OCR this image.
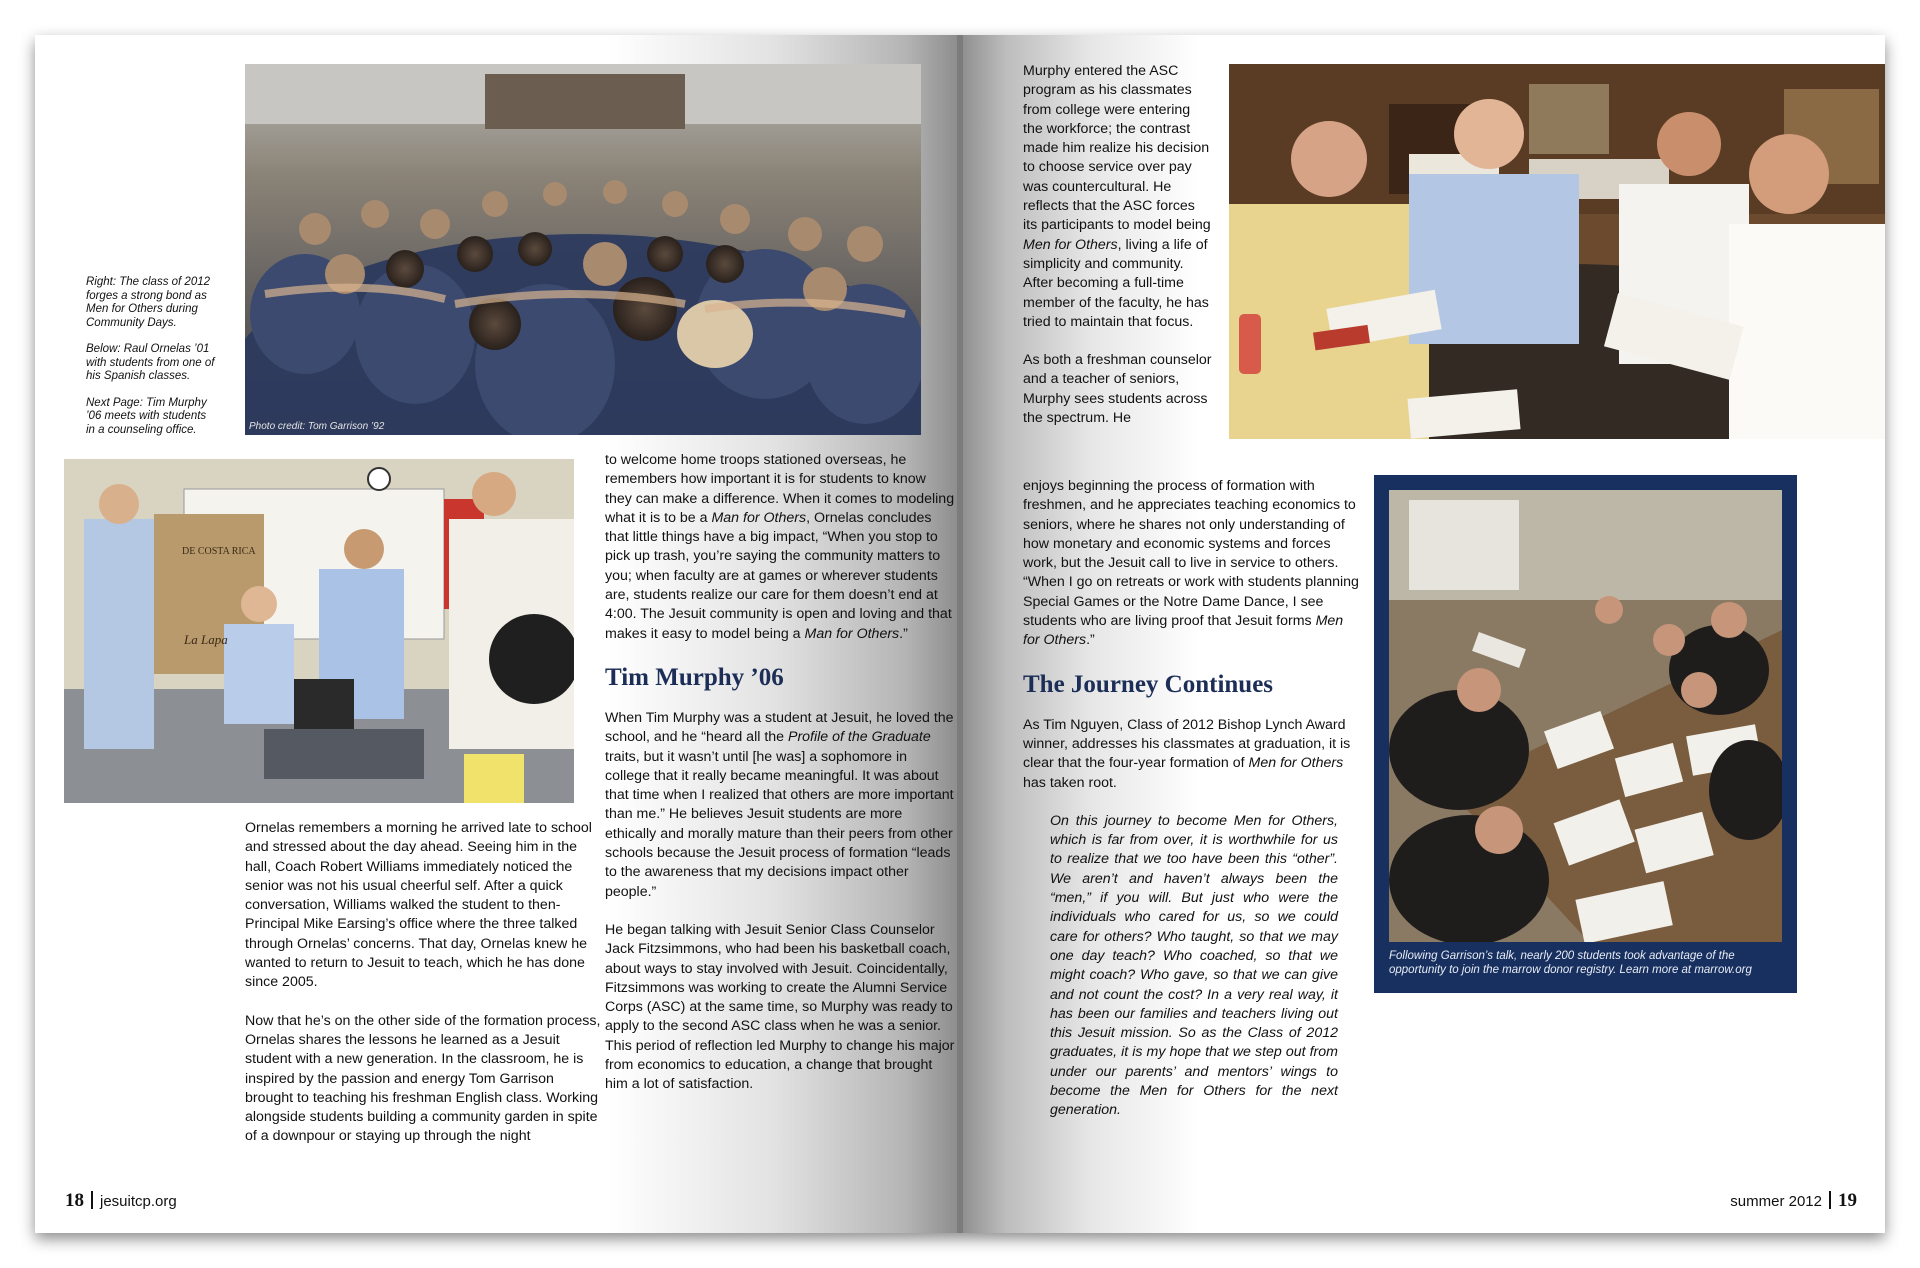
Right: The class of 2012 forges a strong bond as Men for Others during Community Days.

Below: Raul Ornelas ’01 with students from one of his Spanish classes.

Next Page: Tim Murphy ’06 meets with students in a counseling office.	Photo credit: Tom Garrison ’92
DE COSTA RICA
La Lapa

Ornelas remembers a morning he arrived late to school and stressed about the day ahead. Seeing him in the hall, Coach Robert Williams immediately noticed the senior was not his usual cheerful self. After a quick conversation, Williams walked the student to then-Principal Mike Earsing’s office where the three talked through Ornelas’ concerns. That day, Ornelas knew he wanted to return to Jesuit to teach, which he has done since 2005.

Now that he’s on the other side of the formation process, Ornelas shares the lessons he learned as a Jesuit student with a new generation. In the classroom, he is inspired by the passion and energy Tom Garrison brought to teaching his freshman English class. Working alongside students building a community garden in spite of a downpour or staying up through the night

to welcome home troops stationed overseas, he remembers how important it is for students to know they can make a difference. When it comes to modeling what it is to be a Man for Others, Ornelas concludes that little things have a big impact, “When you stop to pick up trash, you’re saying the community matters to you; when faculty are at games or wherever students are, students realize our care for them doesn’t end at 4:00. The Jesuit community is open and loving and that makes it easy to model being a Man for Others.”

Tim Murphy ’06

When Tim Murphy was a student at Jesuit, he loved the school, and he “heard all the Profile of the Graduate traits, but it wasn’t until [he was] a sophomore in college that it really became meaningful. It was about that time when I realized that others are more important than me.” He believes Jesuit students are more ethically and morally mature than their peers from other schools because the Jesuit process of formation “leads to the awareness that my decisions impact other people.”

He began talking with Jesuit Senior Class Counselor Jack Fitzsimmons, who had been his basketball coach, about ways to stay involved with Jesuit. Coincidentally, Fitzsimmons was working to create the Alumni Service Corps (ASC) at the same time, so Murphy was ready to apply to the second ASC class when he was a senior. This period of reflection led Murphy to change his major from economics to education, a change that brought him a lot of satisfaction.

18 jesuitcp.org

Murphy entered the ASC program as his classmates from college were entering the workforce; the contrast made him realize his decision to choose service over pay was countercultural. He reflects that the ASC forces its participants to model being Men for Others, living a life of simplicity and community. After becoming a full-time member of the faculty, he has tried to maintain that focus.

As both a freshman counselor and a teacher of seniors, Murphy sees students across the spectrum. He

enjoys beginning the process of formation with freshmen, and he appreciates teaching economics to seniors, where he shares not only understanding of how monetary and economic systems and forces work, but the Jesuit call to live in service to others. “When I go on retreats or work with students planning Special Games or the Notre Dame Dance, I see students who are living proof that Jesuit forms Men for Others.”

The Journey Continues

As Tim Nguyen, Class of 2012 Bishop Lynch Award winner, addresses his classmates at graduation, it is clear that the four-year formation of Men for Others has taken root.

On this journey to become Men for Others, which is far from over, it is worthwhile for us to realize that we too have been this “other”. We aren’t and haven’t always been the “men,” if you will. But just who were the individuals who cared for us, so we could care for others? Who taught, so that we may one day teach? Who coached, so that we might coach? Who gave, so that we can give and not count the cost? In a very real way, it has been our families and teachers living out this Jesuit mission. So as the Class of 2012 graduates, it is my hope that we step out from under our parents’ and mentors’ wings to become the Men for Others for the next generation.

Following Garrison’s talk, nearly 200 students took advantage of the opportunity to join the marrow donor registry. Learn more at marrow.org

summer 2012 19
